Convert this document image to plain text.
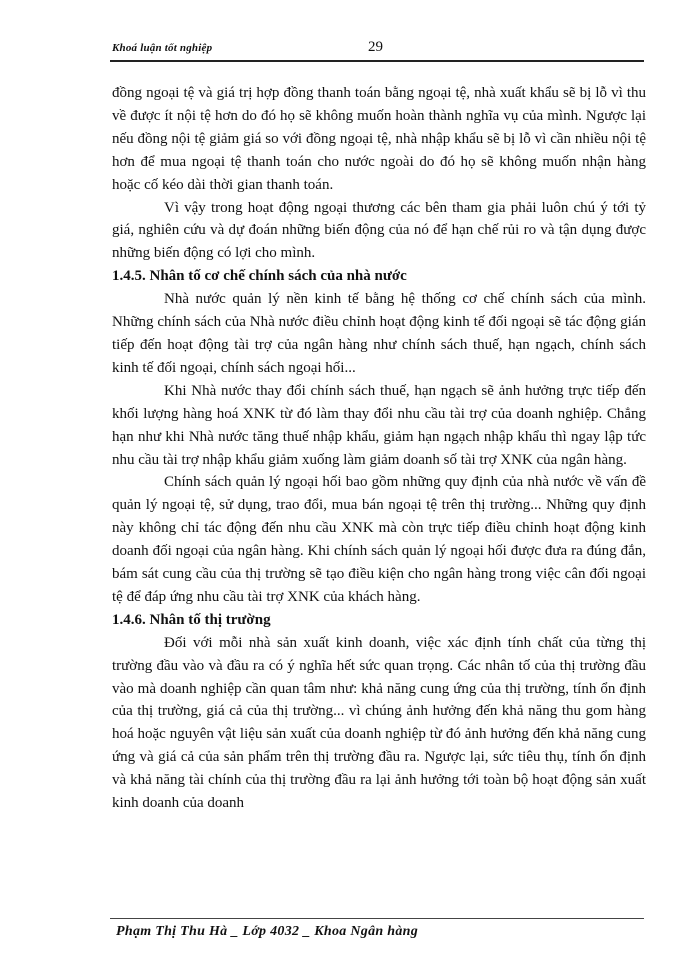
Khoá luận tốt nghiệp	29

đồng ngoại tệ và giá trị hợp đồng thanh toán bằng ngoại tệ, nhà xuất khẩu sẽ bị lỗ vì thu về được ít nội tệ hơn do đó họ sẽ không muốn hoàn thành nghĩa vụ của mình. Ngược lại nếu đồng nội tệ giảm giá so với đồng ngoại tệ, nhà nhập khẩu sẽ bị lỗ vì cần nhiều nội tệ hơn để mua ngoại tệ thanh toán cho nước ngoài do đó họ sẽ không muốn nhận hàng hoặc cố kéo dài thời gian thanh toán.

Vì vậy trong hoạt động ngoại thương các bên tham gia phải luôn chú ý tới tỷ giá, nghiên cứu và dự đoán những biến động của nó để hạn chế rủi ro và tận dụng được những biến động có lợi cho mình.

1.4.5. Nhân tố cơ chế chính sách của nhà nước

Nhà nước quản lý nền kinh tế bằng hệ thống cơ chế chính sách của mình. Những chính sách của Nhà nước điều chỉnh hoạt động kinh tế đối ngoại sẽ tác động gián tiếp đến hoạt động tài trợ của ngân hàng như chính sách thuế, hạn ngạch, chính sách kinh tế đối ngoại, chính sách ngoại hối...

Khi Nhà nước thay đổi chính sách thuế, hạn ngạch sẽ ảnh hưởng trực tiếp đến khối lượng hàng hoá XNK từ đó làm thay đổi nhu cầu tài trợ của doanh nghiệp. Chẳng hạn như khi Nhà nước tăng thuế nhập khẩu, giảm hạn ngạch nhập khẩu thì ngay lập tức nhu cầu tài trợ nhập khẩu giảm xuống làm giảm doanh số tài trợ XNK của ngân hàng.

Chính sách quản lý ngoại hối bao gồm những quy định của nhà nước về vấn đề quản lý ngoại tệ, sử dụng, trao đổi, mua bán ngoại tệ trên thị trường... Những quy định này không chỉ tác động đến nhu cầu XNK mà còn trực tiếp điều chỉnh hoạt động kinh doanh đối ngoại của ngân hàng. Khi chính sách quản lý ngoại hối được đưa ra đúng đắn, bám sát cung cầu của thị trường sẽ tạo điều kiện cho ngân hàng trong việc cân đối ngoại tệ để đáp ứng nhu cầu tài trợ XNK của khách hàng.

1.4.6. Nhân tố thị trường

Đối với mỗi nhà sản xuất kinh doanh, việc xác định tính chất của từng thị trường đầu vào và đầu ra có ý nghĩa hết sức quan trọng. Các nhân tố của thị trường đầu vào mà doanh nghiệp cần quan tâm như: khả năng cung ứng của thị trường, tính ổn định của thị trường, giá cả của thị trường... vì chúng ảnh hưởng đến khả năng thu gom hàng hoá hoặc nguyên vật liệu sản xuất của doanh nghiệp từ đó ảnh hưởng đến khả năng cung ứng và giá cả của sản phẩm trên thị trường đầu ra. Ngược lại, sức tiêu thụ, tính ổn định và khả năng tài chính của thị trường đầu ra lại ảnh hưởng tới toàn bộ hoạt động sản xuất kinh doanh của doanh

Phạm Thị Thu Hà _ Lớp 4032 _ Khoa Ngân hàng
